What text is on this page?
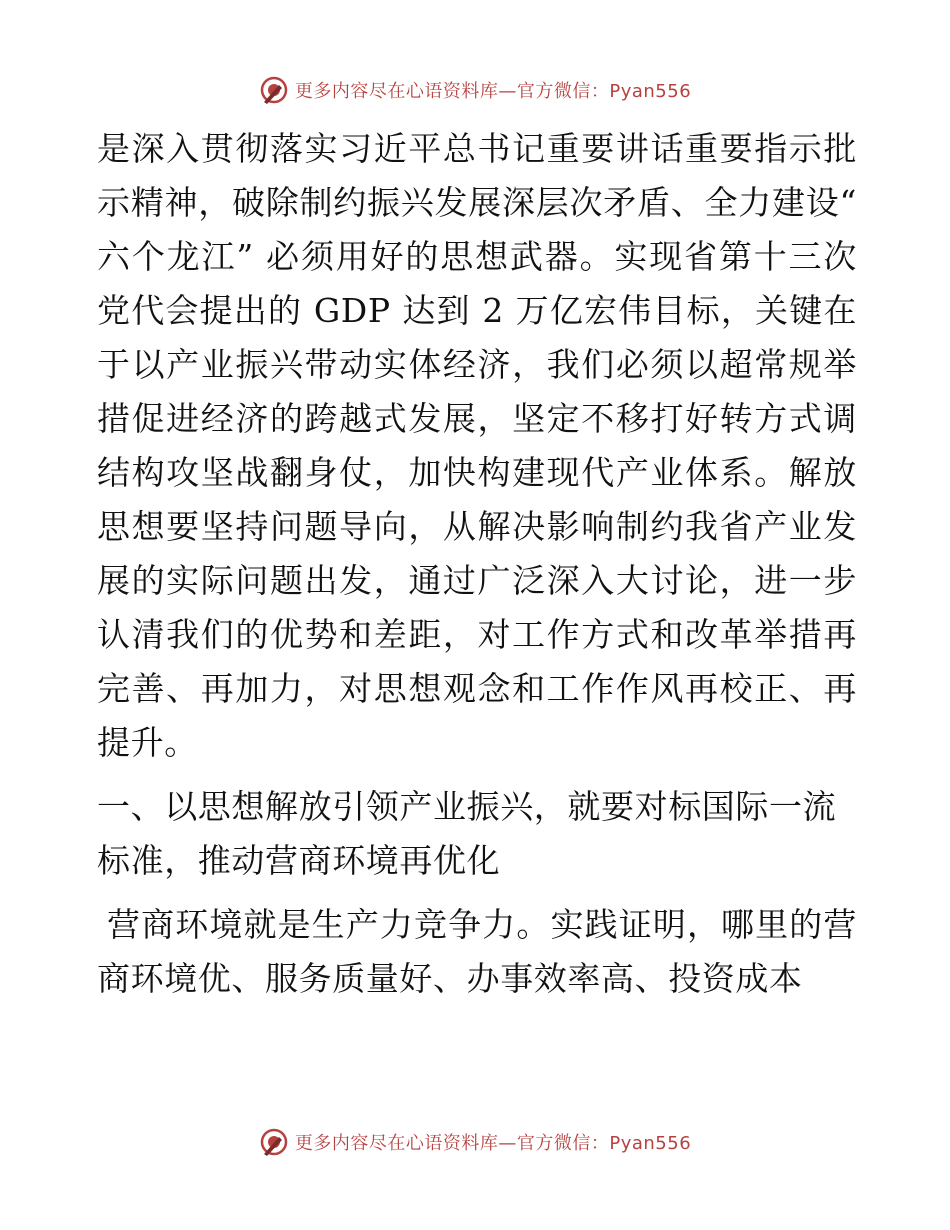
更多内容尽在心语资料库—官方微信：Pyan556

是深入贯彻落实习近平总书记重要讲话重要指示批示精神，破除制约振兴发展深层次矛盾、全力建设“ 六个龙江” 必须用好的思想武器。实现省第十三次党代会提出的 GDP 达到 2 万亿宏伟目标，关键在于以产业振兴带动实体经济，我们必须以超常规举措促进经济的跨越式发展，坚定不移打好转方式调结构攻坚战翻身仗，加快构建现代产业体系。解放思想要坚持问题导向，从解决影响制约我省产业发展的实际问题出发，通过广泛深入大讨论，进一步认清我们的优势和差距，对工作方式和改革举措再完善、再加力，对思想观念和工作作风再校正、再提升。

一、以思想解放引领产业振兴，就要对标国际一流标准，推动营商环境再优化

营商环境就是生产力竞争力。实践证明，哪里的营商环境优、服务质量好、办事效率高、投资成本

更多内容尽在心语资料库—官方微信：Pyan556
